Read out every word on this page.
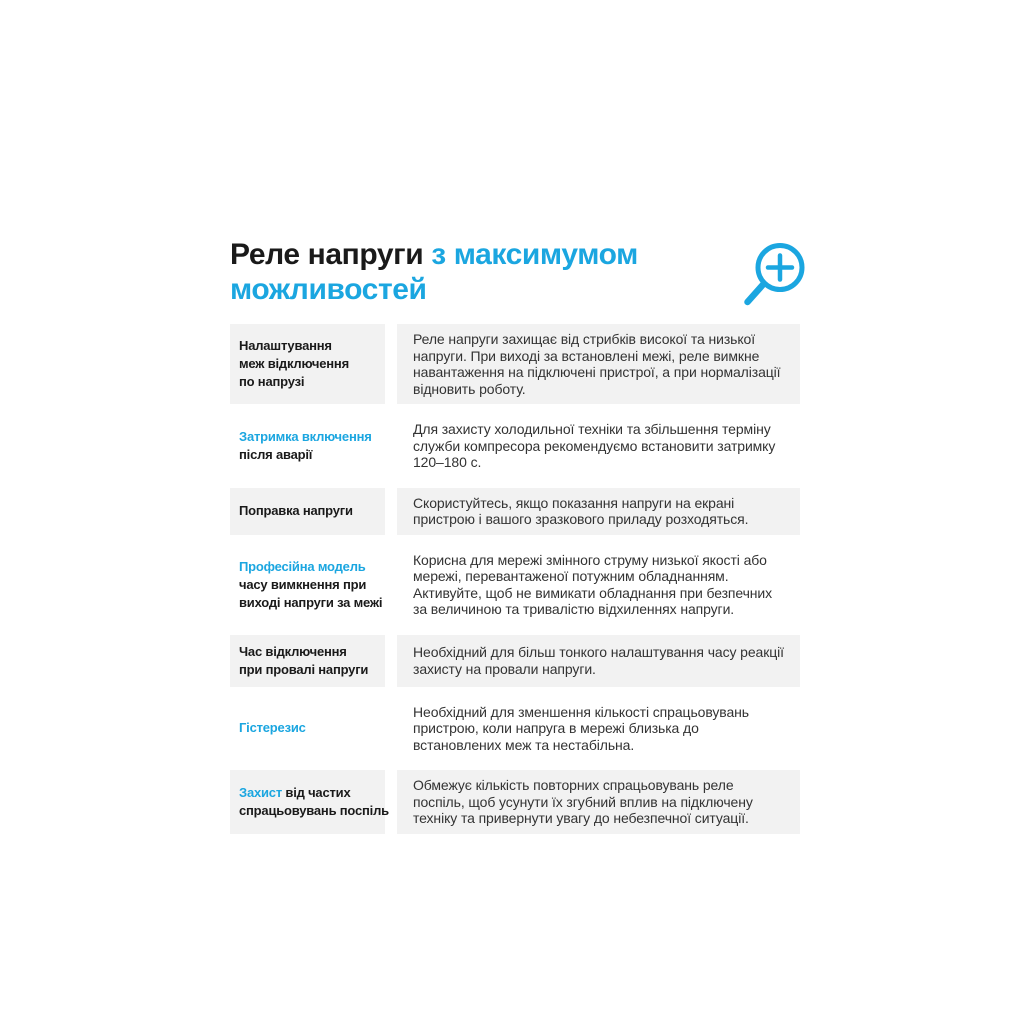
Реле напруги з максимумом можливостей
Налаштування
меж відключення
по напрузі

Реле напруги захищає від стрибків високої та низької напруги. При виході за встановлені межі, реле вимкне навантаження на підключені пристрої, а при нормалізації відновить роботу.

Затримка включення
після аварії

Для захисту холодильної техніки та збільшення терміну служби компресора рекомендуємо встановити затримку 120–180 с.

Поправка напруги	Скористуйтесь, якщо показання напруги на екрані пристрою і вашого зразкового приладу розходяться.

Професійна модель
часу вимкнення при
виході напруги за межі

Корисна для мережі змінного струму низької якості або мережі, перевантаженої потужним обладнанням. Активуйте, щоб не вимикати обладнання при безпечних за величиною та тривалістю відхиленнях напруги.

Час відключення
при провалі напруги

Необхідний для більш тонкого налаштування часу реакції захисту на провали напруги.

Гістерезис

Необхідний для зменшення кількості спрацьовувань пристрою, коли напруга в мережі близька до встановлених меж та нестабільна.

Захист від частих
спрацьовувань поспіль

Обмежує кількість повторних спрацьовувань реле поспіль, щоб усунути їх згубний вплив на підключену техніку та привернути увагу до небезпечної ситуації.
